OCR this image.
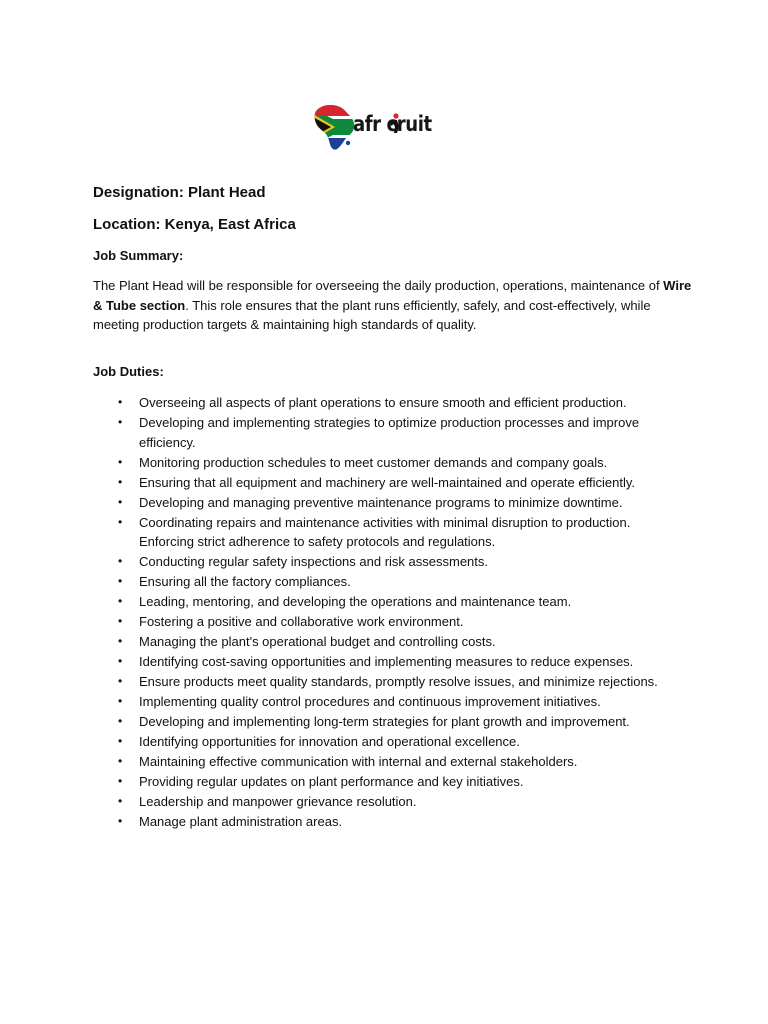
afr cruit
Designation: Plant Head
Location: Kenya, East Africa
Job Summary:
The Plant Head will be responsible for overseeing the daily production, operations, maintenance of Wire & Tube section. This role ensures that the plant runs efficiently, safely, and cost-effectively, while meeting production targets & maintaining high standards of quality.
Job Duties:
• Overseeing all aspects of plant operations to ensure smooth and efficient production.
• Developing and implementing strategies to optimize production processes and improve efficiency.
• Monitoring production schedules to meet customer demands and company goals.
• Ensuring that all equipment and machinery are well-maintained and operate efficiently.
• Developing and managing preventive maintenance programs to minimize downtime.
• Coordinating repairs and maintenance activities with minimal disruption to production. Enforcing strict adherence to safety protocols and regulations.
• Conducting regular safety inspections and risk assessments.
• Ensuring all the factory compliances.
• Leading, mentoring, and developing the operations and maintenance team.
• Fostering a positive and collaborative work environment.
• Managing the plant's operational budget and controlling costs.
• Identifying cost-saving opportunities and implementing measures to reduce expenses.
• Ensure products meet quality standards, promptly resolve issues, and minimize rejections.
• Implementing quality control procedures and continuous improvement initiatives.
• Developing and implementing long-term strategies for plant growth and improvement.
• Identifying opportunities for innovation and operational excellence.
• Maintaining effective communication with internal and external stakeholders.
• Providing regular updates on plant performance and key initiatives.
• Leadership and manpower grievance resolution.
• Manage plant administration areas.
